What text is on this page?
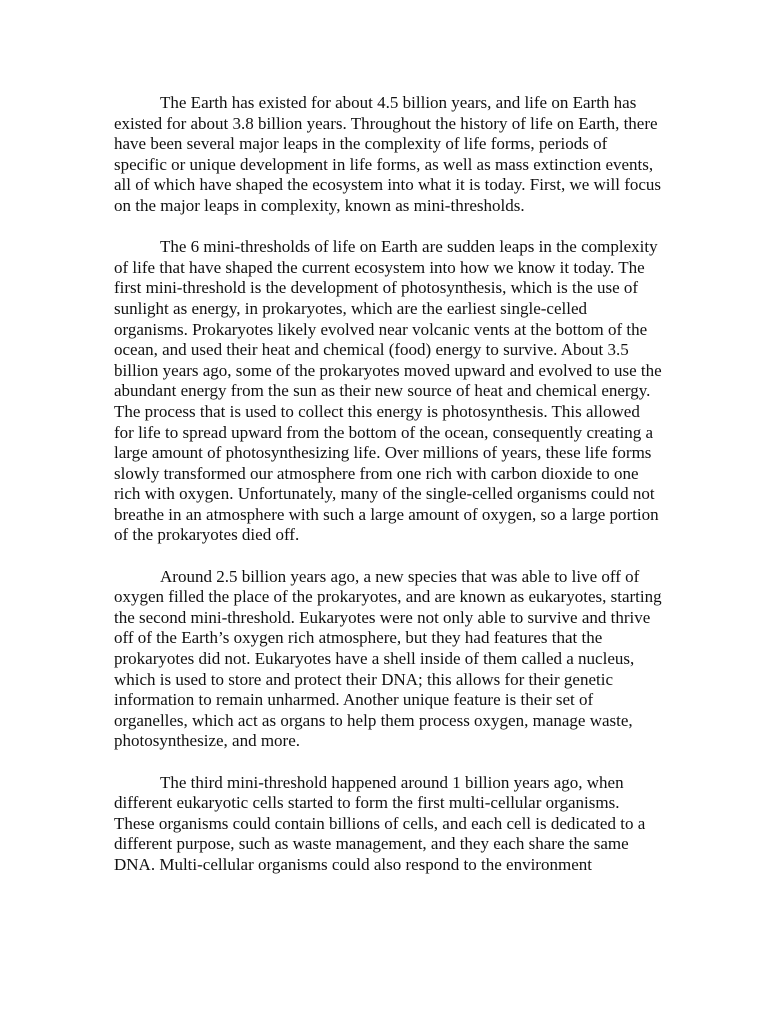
The Earth has existed for about 4.5 billion years, and life on Earth has existed for about 3.8 billion years. Throughout the history of life on Earth, there have been several major leaps in the complexity of life forms, periods of specific or unique development in life forms, as well as mass extinction events, all of which have shaped the ecosystem into what it is today. First, we will focus on the major leaps in complexity, known as mini-thresholds.

The 6 mini-thresholds of life on Earth are sudden leaps in the complexity of life that have shaped the current ecosystem into how we know it today. The first mini-threshold is the development of photosynthesis, which is the use of sunlight as energy, in prokaryotes, which are the earliest single-celled organisms. Prokaryotes likely evolved near volcanic vents at the bottom of the ocean, and used their heat and chemical (food) energy to survive. About 3.5 billion years ago, some of the prokaryotes moved upward and evolved to use the abundant energy from the sun as their new source of heat and chemical energy. The process that is used to collect this energy is photosynthesis. This allowed for life to spread upward from the bottom of the ocean, consequently creating a large amount of photosynthesizing life. Over millions of years, these life forms slowly transformed our atmosphere from one rich with carbon dioxide to one rich with oxygen. Unfortunately, many of the single-celled organisms could not breathe in an atmosphere with such a large amount of oxygen, so a large portion of the prokaryotes died off.

Around 2.5 billion years ago, a new species that was able to live off of oxygen filled the place of the prokaryotes, and are known as eukaryotes, starting the second mini-threshold. Eukaryotes were not only able to survive and thrive off of the Earth’s oxygen rich atmosphere, but they had features that the prokaryotes did not. Eukaryotes have a shell inside of them called a nucleus, which is used to store and protect their DNA; this allows for their genetic information to remain unharmed. Another unique feature is their set of organelles, which act as organs to help them process oxygen, manage waste, photosynthesize, and more.

The third mini-threshold happened around 1 billion years ago, when different eukaryotic cells started to form the first multi-cellular organisms. These organisms could contain billions of cells, and each cell is dedicated to a different purpose, such as waste management, and they each share the same DNA. Multi-cellular organisms could also respond to the environment
